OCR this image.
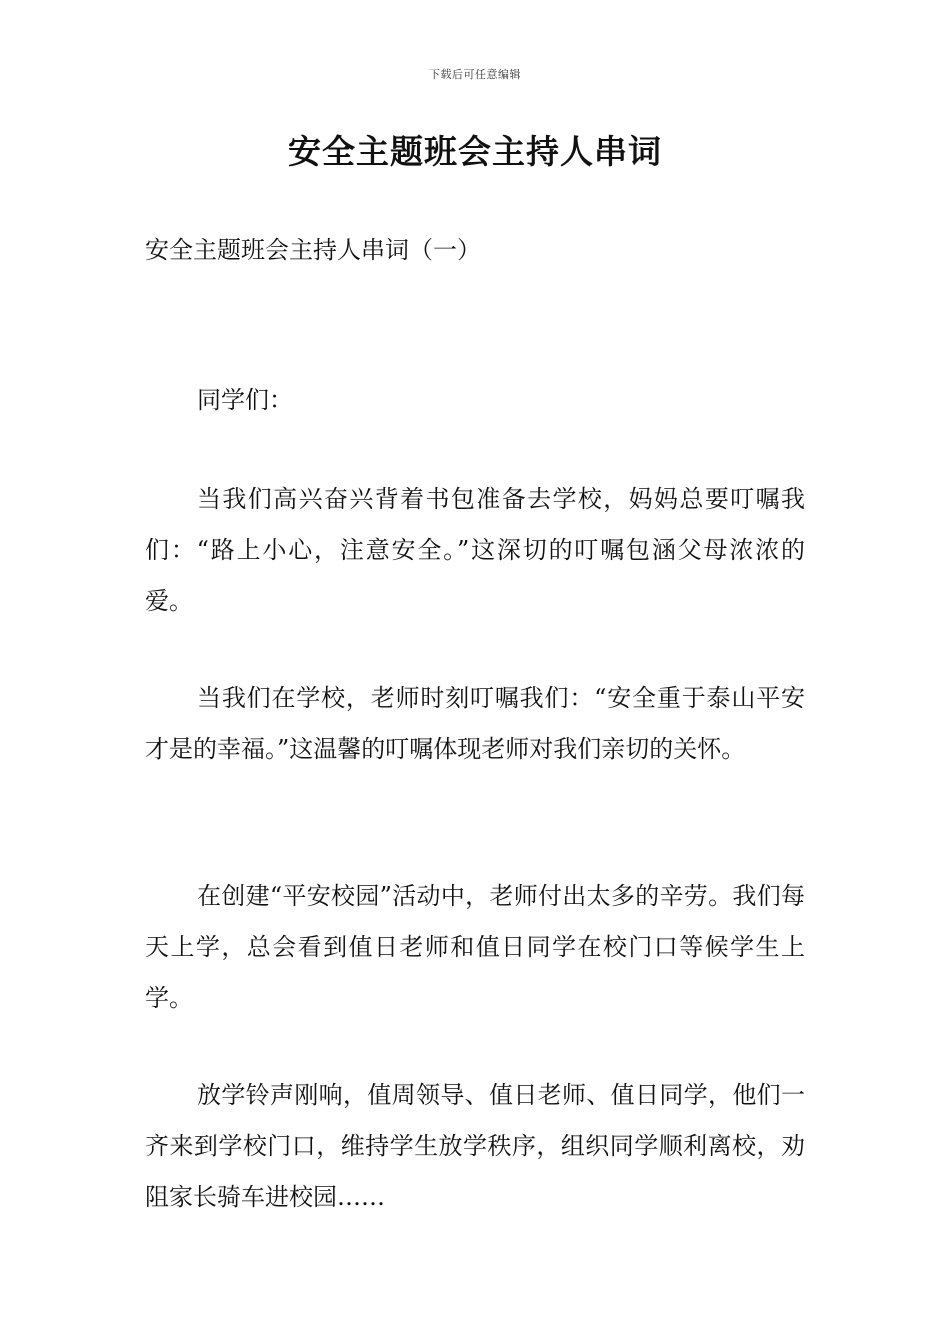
下载后可任意编辑
安全主题班会主持人串词

安全主题班会主持人串词（一）

同学们：

当我们高兴奋兴背着书包准备去学校，妈妈总要叮嘱我们：“路上小心，注意安全。”这深切的叮嘱包涵父母浓浓的爱。

当我们在学校，老师时刻叮嘱我们：“安全重于泰山平安才是的幸福。”这温馨的叮嘱体现老师对我们亲切的关怀。

在创建“平安校园”活动中，老师付出太多的辛劳。我们每天上学，总会看到值日老师和值日同学在校门口等候学生上学。

放学铃声刚响，值周领导、值日老师、值日同学，他们一齐来到学校门口，维持学生放学秩序，组织同学顺利离校，劝阻家长骑车进校园……
